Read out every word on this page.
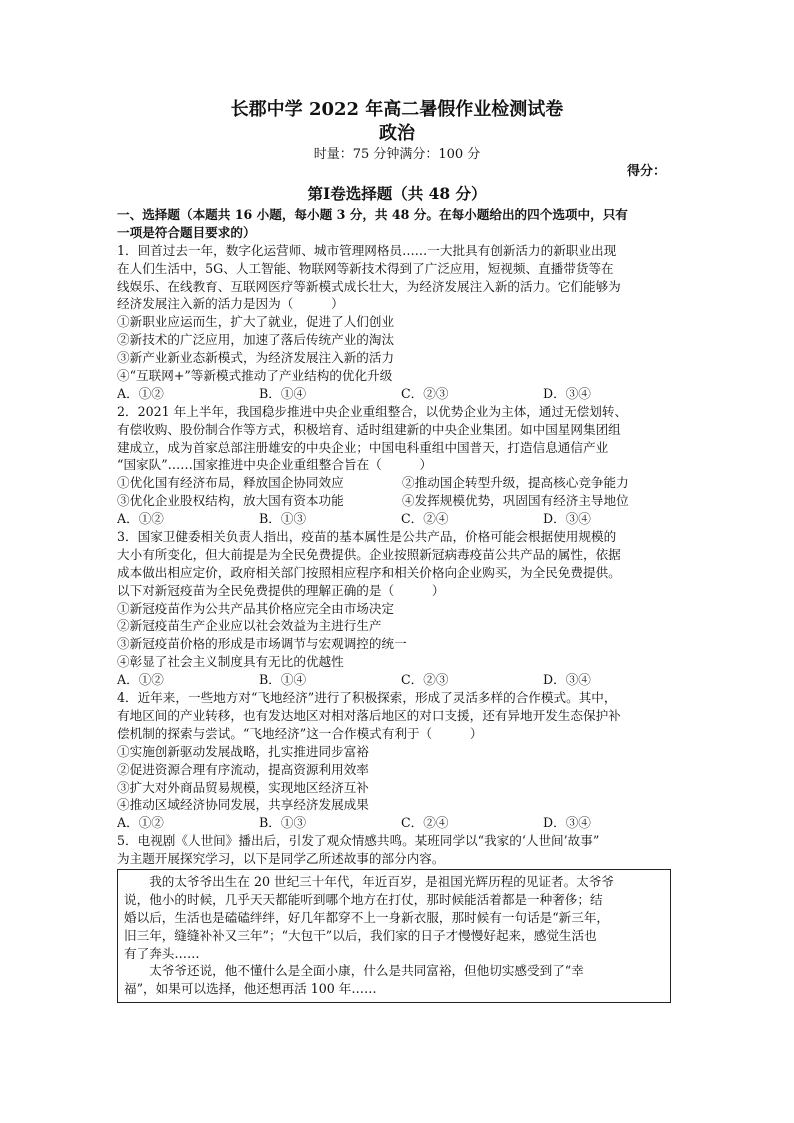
长郡中学 2022 年高二暑假作业检测试卷
政治
时量：75 分钟满分：100 分
得分：
第Ⅰ卷选择题（共 48 分）
一、选择题（本题共 16 小题，每小题 3 分，共 48 分。在每小题给出的四个选项中，只有
一项是符合题目要求的）
1．回首过去一年，数字化运营师、城市管理网格员……一大批具有创新活力的新职业出现
在人们生活中，5G、人工智能、物联网等新技术得到了广泛应用，短视频、直播带货等在
线娱乐、在线教育、互联网医疗等新模式成长壮大，为经济发展注入新的活力。它们能够为
经济发展注入新的活力是因为（　　　）
①新职业应运而生，扩大了就业，促进了人们创业
②新技术的广泛应用，加速了落后传统产业的淘汰
③新产业新业态新模式，为经济发展注入新的活力
④“互联网+”等新模式推动了产业结构的优化升级
A．①②	B．①④	C．②③	D．③④
2．2021 年上半年，我国稳步推进中央企业重组整合，以优势企业为主体，通过无偿划转、
有偿收购、股份制合作等方式，积极培育、适时组建新的中央企业集团。如中国星网集团组
建成立，成为首家总部注册雄安的中央企业；中国电科重组中国普天，打造信息通信产业
“国家队”……国家推进中央企业重组整合旨在（　　　）
①优化国有经济布局，释放国企协同效应	②推动国企转型升级，提高核心竞争能力
③优化企业股权结构，放大国有资本功能	④发挥规模优势，巩固国有经济主导地位
A．①②	B．①③	C．②④	D．③④
3．国家卫健委相关负责人指出，疫苗的基本属性是公共产品，价格可能会根据使用规模的
大小有所变化，但大前提是为全民免费提供。企业按照新冠病毒疫苗公共产品的属性，依据
成本做出相应定价，政府相关部门按照相应程序和相关价格向企业购买，为全民免费提供。
以下对新冠疫苗为全民免费提供的理解正确的是（　　　）
①新冠疫苗作为公共产品其价格应完全由市场决定
②新冠疫苗生产企业应以社会效益为主进行生产
③新冠疫苗价格的形成是市场调节与宏观调控的统一
④彰显了社会主义制度具有无比的优越性
A．①②	B．①④	C．②③	D．③④
4．近年来，一些地方对“飞地经济”进行了积极探索，形成了灵活多样的合作模式。其中，
有地区间的产业转移，也有发达地区对相对落后地区的对口支援，还有异地开发生态保护补
偿机制的探索与尝试。“飞地经济”这一合作模式有利于（　　　）
①实施创新驱动发展战略，扎实推进同步富裕
②促进资源合理有序流动，提高资源利用效率
③扩大对外商品贸易规模，实现地区经济互补
④推动区域经济协同发展，共享经济发展成果
A．①②	B．①③	C．②④	D．③④
5．电视剧《人世间》播出后，引发了观众情感共鸣。某班同学以“我家的‘人世间’故事”
为主题开展探究学习，以下是同学乙所述故事的部分内容。
我的太爷爷出生在 20 世纪三十年代，年近百岁，是祖国光辉历程的见证者。太爷爷
说，他小的时候，几乎天天都能听到哪个地方在打仗，那时候能活着都是一种奢侈；结
婚以后，生活也是磕磕绊绊，好几年都穿不上一身新衣服，那时候有一句话是“新三年，
旧三年，缝缝补补又三年”；“大包干”以后，我们家的日子才慢慢好起来，感觉生活也
有了奔头……
太爷爷还说，他不懂什么是全面小康，什么是共同富裕，但他切实感受到了“幸
福”，如果可以选择，他还想再活 100 年……
